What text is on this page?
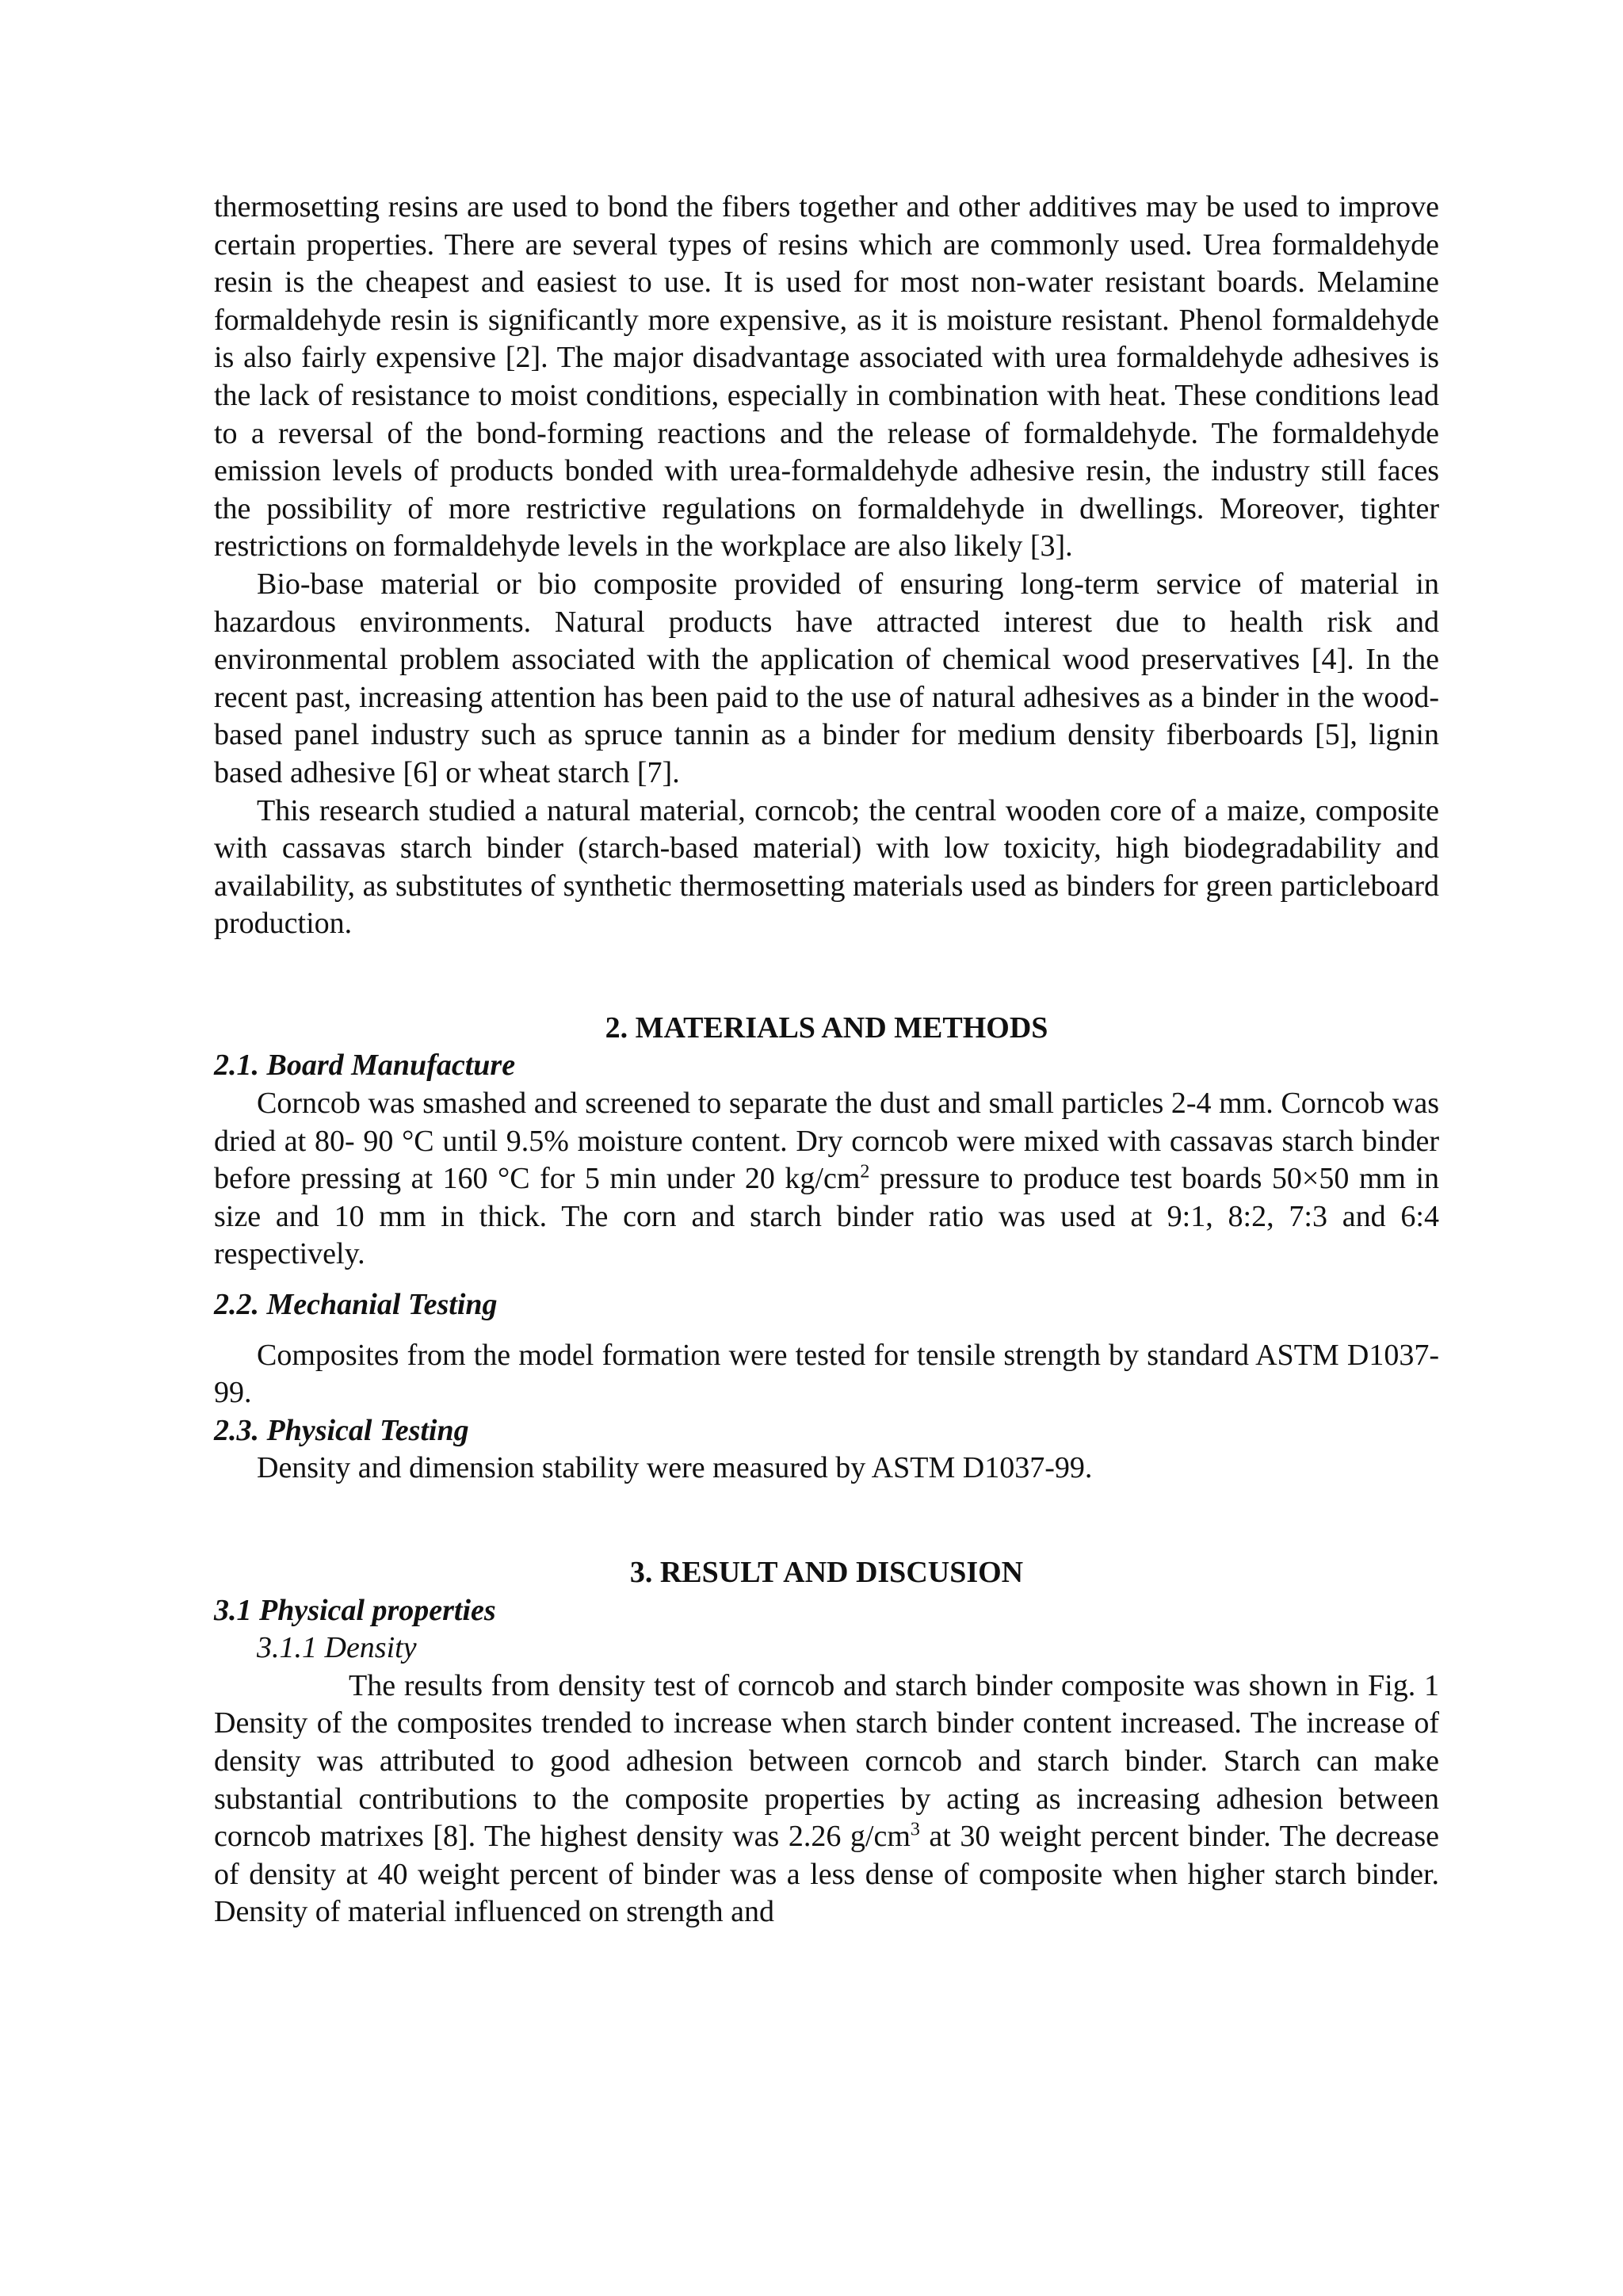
thermosetting resins are used to bond the fibers together and other additives may be used to improve certain properties. There are several types of resins which are commonly used. Urea formaldehyde resin is the cheapest and easiest to use. It is used for most non-water resistant boards. Melamine formaldehyde resin is significantly more expensive, as it is moisture resistant. Phenol formaldehyde is also fairly expensive [2]. The major disadvantage associated with urea formaldehyde adhesives is the lack of resistance to moist conditions, especially in combination with heat. These conditions lead to a reversal of the bond-forming reactions and the release of formaldehyde. The formaldehyde emission levels of products bonded with urea-formaldehyde adhesive resin, the industry still faces the possibility of more restrictive regulations on formaldehyde in dwellings. Moreover, tighter restrictions on formaldehyde levels in the workplace are also likely [3].

Bio-base material or bio composite provided of ensuring long-term service of material in hazardous environments. Natural products have attracted interest due to health risk and environmental problem associated with the application of chemical wood preservatives [4]. In the recent past, increasing attention has been paid to the use of natural adhesives as a binder in the wood-based panel industry such as spruce tannin as a binder for medium density fiberboards [5], lignin based adhesive [6] or wheat starch [7].

This research studied a natural material, corncob; the central wooden core of a maize, composite with cassavas starch binder (starch-based material) with low toxicity, high biodegradability and availability, as substitutes of synthetic thermosetting materials used as binders for green particleboard production.

2. MATERIALS AND METHODS
2.1. Board Manufacture

Corncob was smashed and screened to separate the dust and small particles 2-4 mm. Corncob was dried at 80- 90 °C until 9.5% moisture content. Dry corncob were mixed with cassavas starch binder before pressing at 160 °C for 5 min under 20 $kg/cm^2$ pressure to produce test boards 50×50 mm in size and 10 mm in thick. The corn and starch binder ratio was used at 9:1, 8:2, 7:3 and 6:4 respectively.

2.2. Mechanial Testing

Composites from the model formation were tested for tensile strength by standard ASTM D1037-99.

2.3. Physical Testing

Density and dimension stability were measured by ASTM D1037-99.

3. RESULT AND DISCUSION
3.1 Physical properties
3.1.1 Density

The results from density test of corncob and starch binder composite was shown in Fig. 1 Density of the composites trended to increase when starch binder content increased. The increase of density was attributed to good adhesion between corncob and starch binder. Starch can make substantial contributions to the composite properties by acting as increasing adhesion between corncob matrixes [8]. The highest density was 2.26 $g/cm^3$ at 30 weight percent binder. The decrease of density at 40 weight percent of binder was a less dense of composite when higher starch binder. Density of material influenced on strength and
